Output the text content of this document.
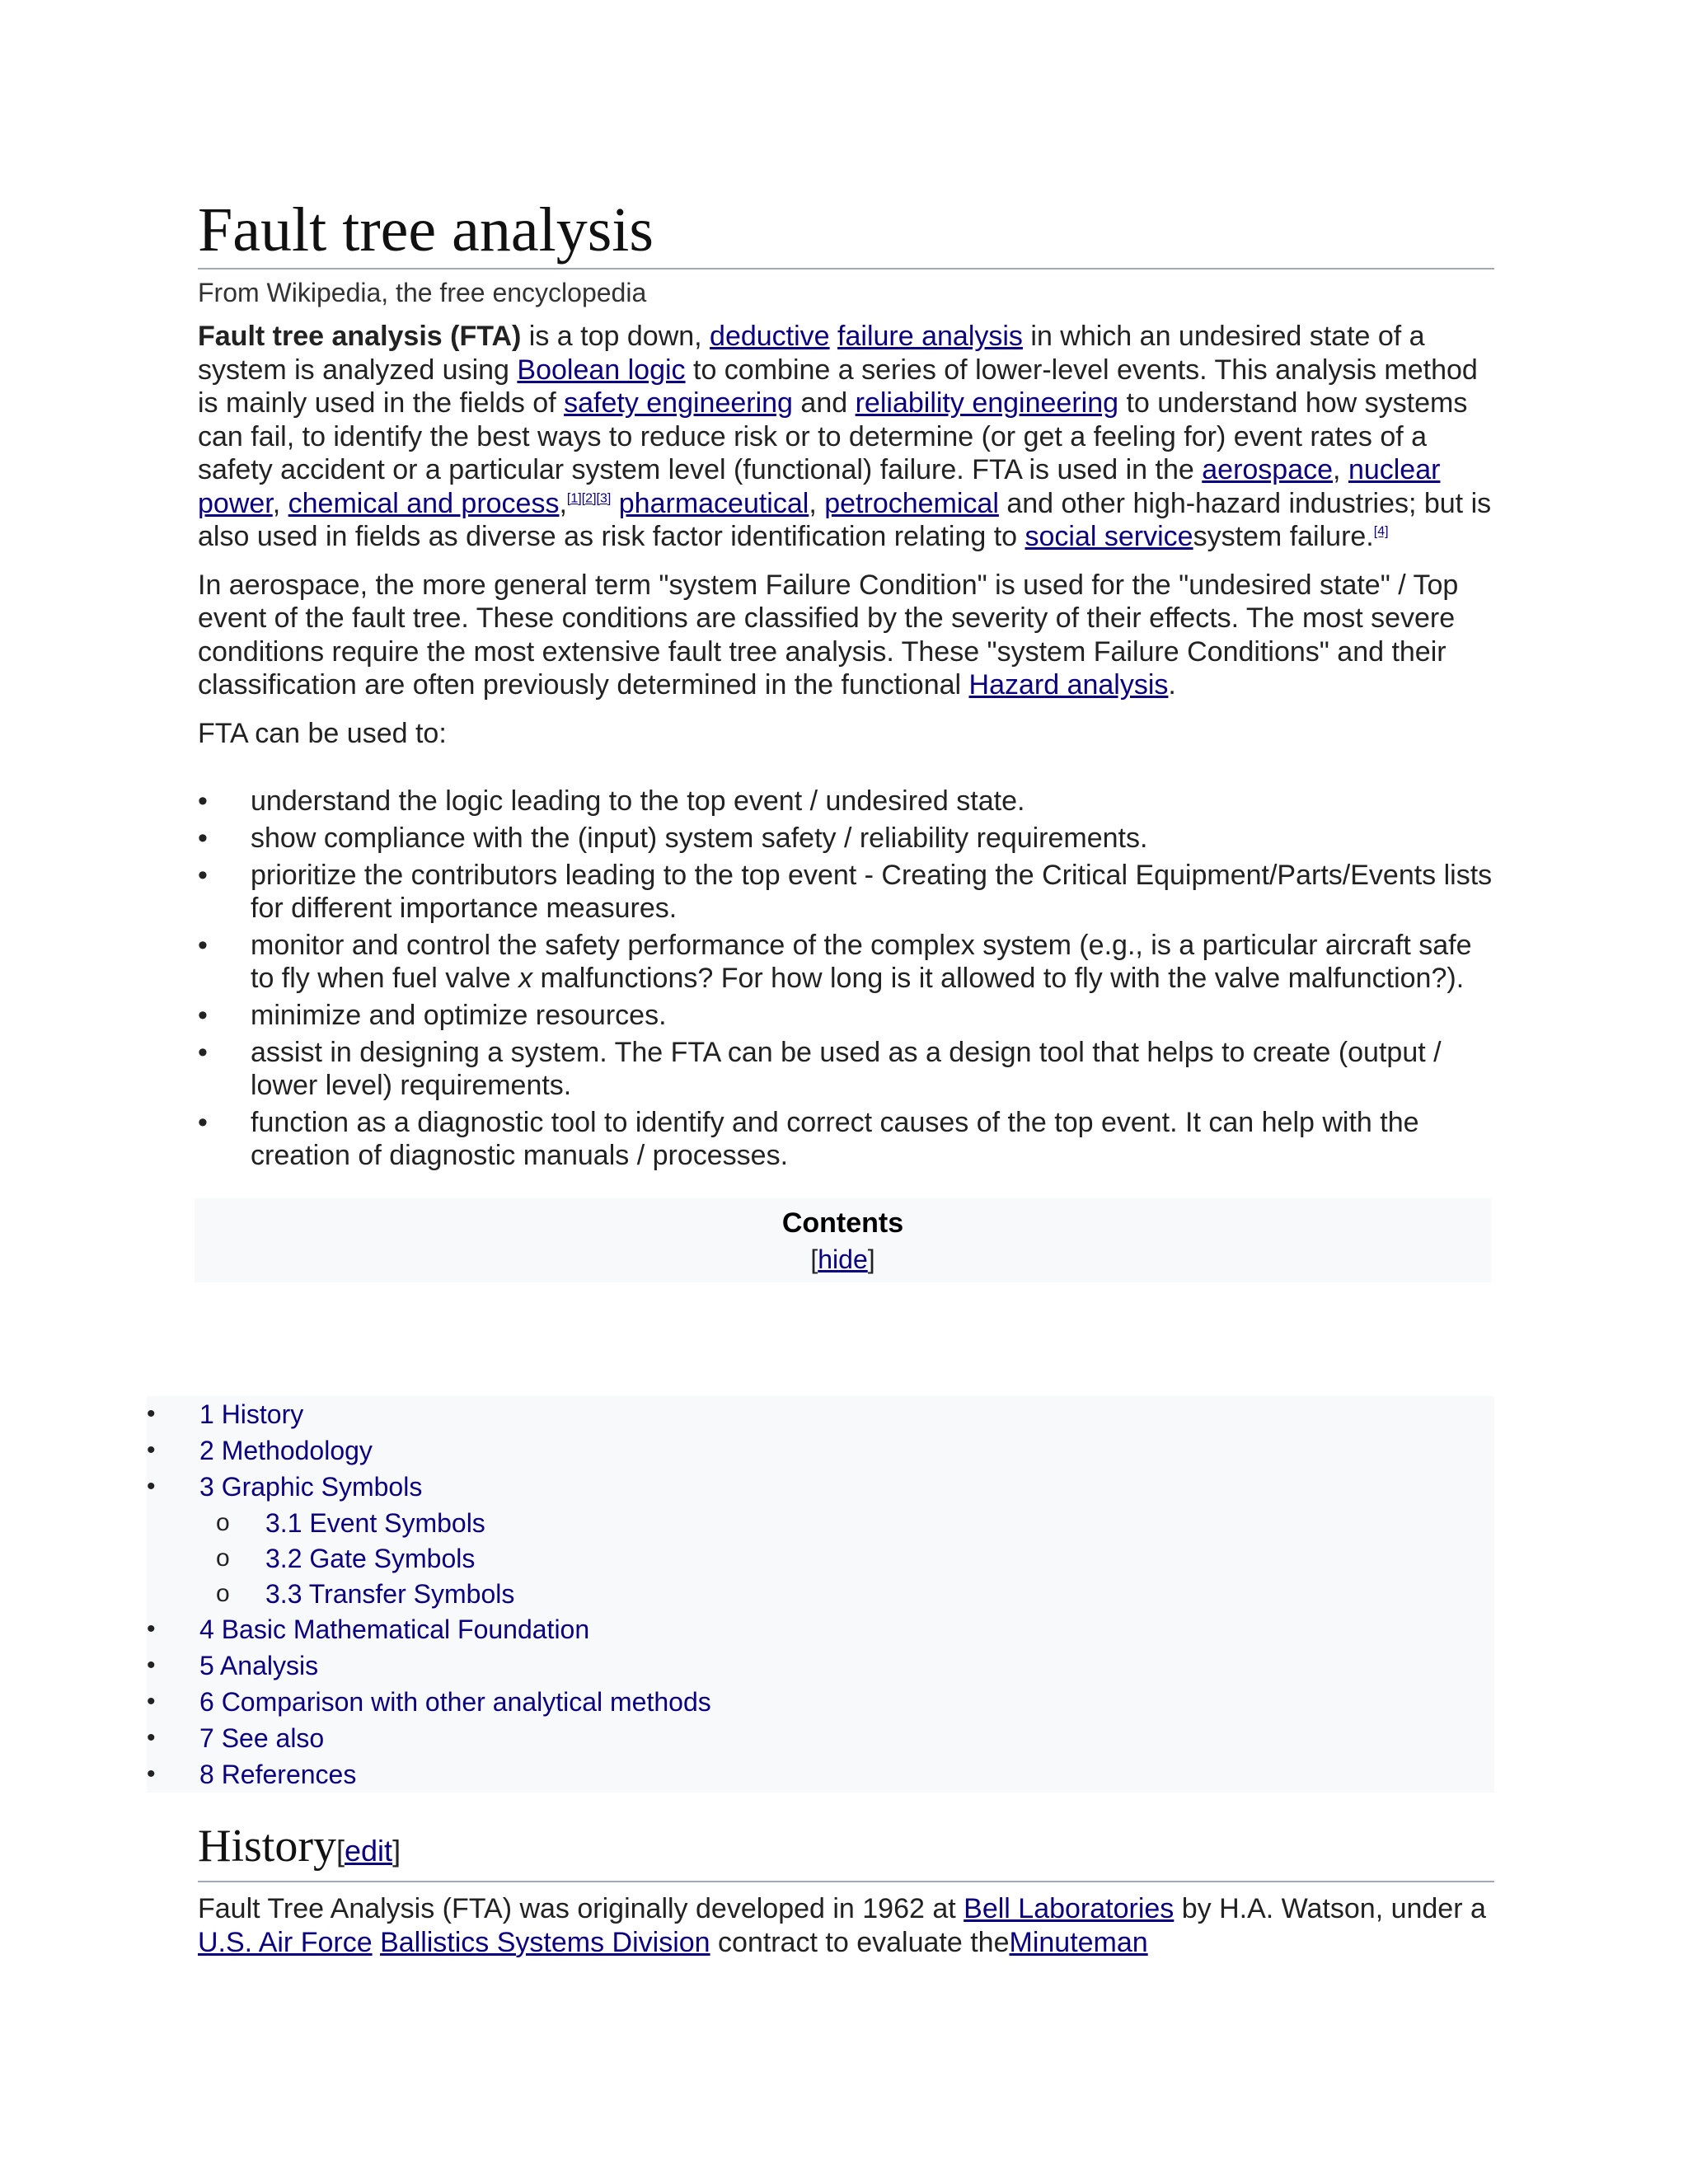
Fault tree analysis
From Wikipedia, the free encyclopedia

Fault tree analysis (FTA) is a top down, deductive failure analysis in which an undesired state of a system is analyzed using Boolean logic to combine a series of lower-level events. This analysis method is mainly used in the fields of safety engineering and reliability engineering to understand how systems can fail, to identify the best ways to reduce risk or to determine (or get a feeling for) event rates of a safety accident or a particular system level (functional) failure. FTA is used in the aerospace, nuclear power, chemical and process,[1][2][3] pharmaceutical, petrochemical and other high-hazard industries; but is also used in fields as diverse as risk factor identification relating to social servicesystem failure.[4]

In aerospace, the more general term "system Failure Condition" is used for the "undesired state" / Top event of the fault tree. These conditions are classified by the severity of their effects. The most severe conditions require the most extensive fault tree analysis. These "system Failure Conditions" and their classification are often previously determined in the functional Hazard analysis.

FTA can be used to:

• understand the logic leading to the top event / undesired state.
• show compliance with the (input) system safety / reliability requirements.
• prioritize the contributors leading to the top event - Creating the Critical Equipment/Parts/Events lists for different importance measures.
• monitor and control the safety performance of the complex system (e.g., is a particular aircraft safe to fly when fuel valve x malfunctions? For how long is it allowed to fly with the valve malfunction?).
• minimize and optimize resources.
• assist in designing a system. The FTA can be used as a design tool that helps to create (output / lower level) requirements.
• function as a diagnostic tool to identify and correct causes of the top event. It can help with the creation of diagnostic manuals / processes.
Contents
[hide]
• 1 History
• 2 Methodology
• 3 Graphic Symbols
o 3.1 Event Symbols
o 3.2 Gate Symbols
o 3.3 Transfer Symbols
• 4 Basic Mathematical Foundation
• 5 Analysis
• 6 Comparison with other analytical methods
• 7 See also
• 8 References
History[edit]

Fault Tree Analysis (FTA) was originally developed in 1962 at Bell Laboratories by H.A. Watson, under a U.S. Air Force Ballistics Systems Division contract to evaluate theMinuteman
